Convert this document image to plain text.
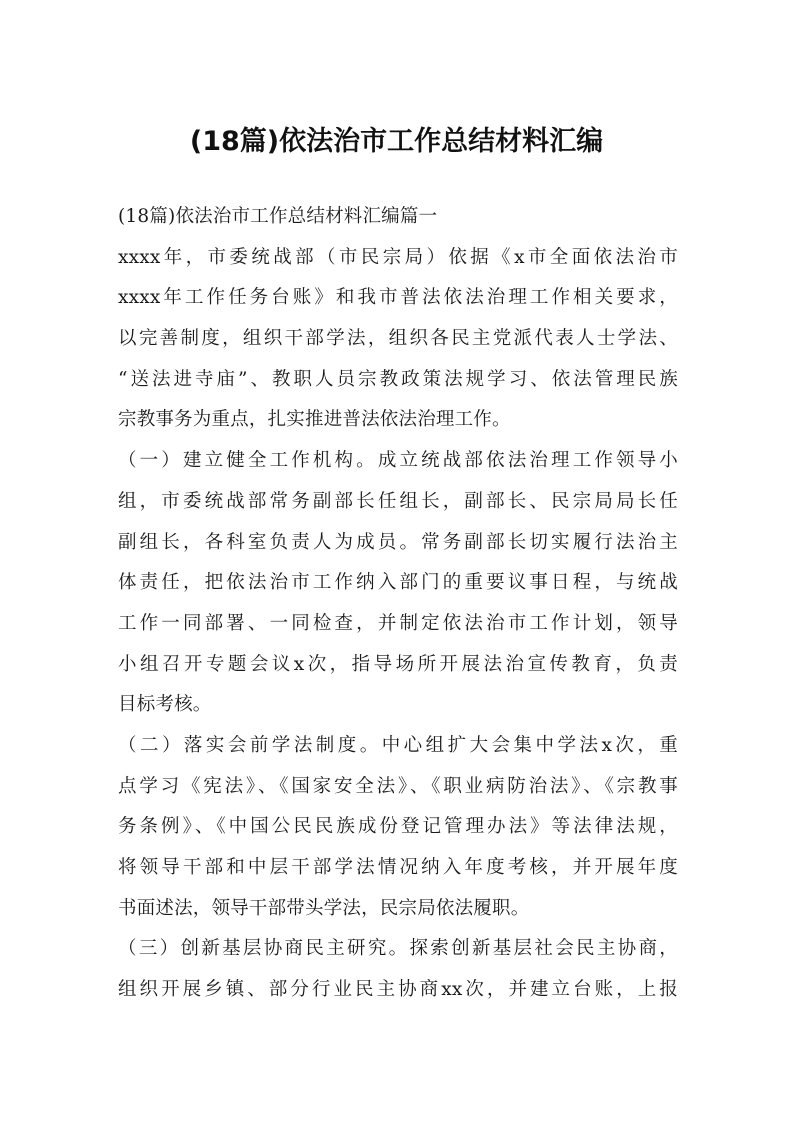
(18篇)依法治市工作总结材料汇编
(18篇)依法治市工作总结材料汇编篇一
xxxx年，市委统战部（市民宗局）依据《x市全面依法治市
xxxx年工作任务台账》和我市普法依法治理工作相关要求，
以完善制度，组织干部学法，组织各民主党派代表人士学法、
“送法进寺庙”、教职人员宗教政策法规学习、依法管理民族
宗教事务为重点，扎实推进普法依法治理工作。
（一）建立健全工作机构。成立统战部依法治理工作领导小
组，市委统战部常务副部长任组长，副部长、民宗局局长任
副组长，各科室负责人为成员。常务副部长切实履行法治主
体责任，把依法治市工作纳入部门的重要议事日程，与统战
工作一同部署、一同检查，并制定依法治市工作计划，领导
小组召开专题会议x次，指导场所开展法治宣传教育，负责
目标考核。
（二）落实会前学法制度。中心组扩大会集中学法x次，重
点学习《宪法》、《国家安全法》、《职业病防治法》、《宗教事
务条例》、《中国公民民族成份登记管理办法》等法律法规，
将领导干部和中层干部学法情况纳入年度考核，并开展年度
书面述法，领导干部带头学法，民宗局依法履职。
（三）创新基层协商民主研究。探索创新基层社会民主协商，
组织开展乡镇、部分行业民主协商xx次，并建立台账，上报
